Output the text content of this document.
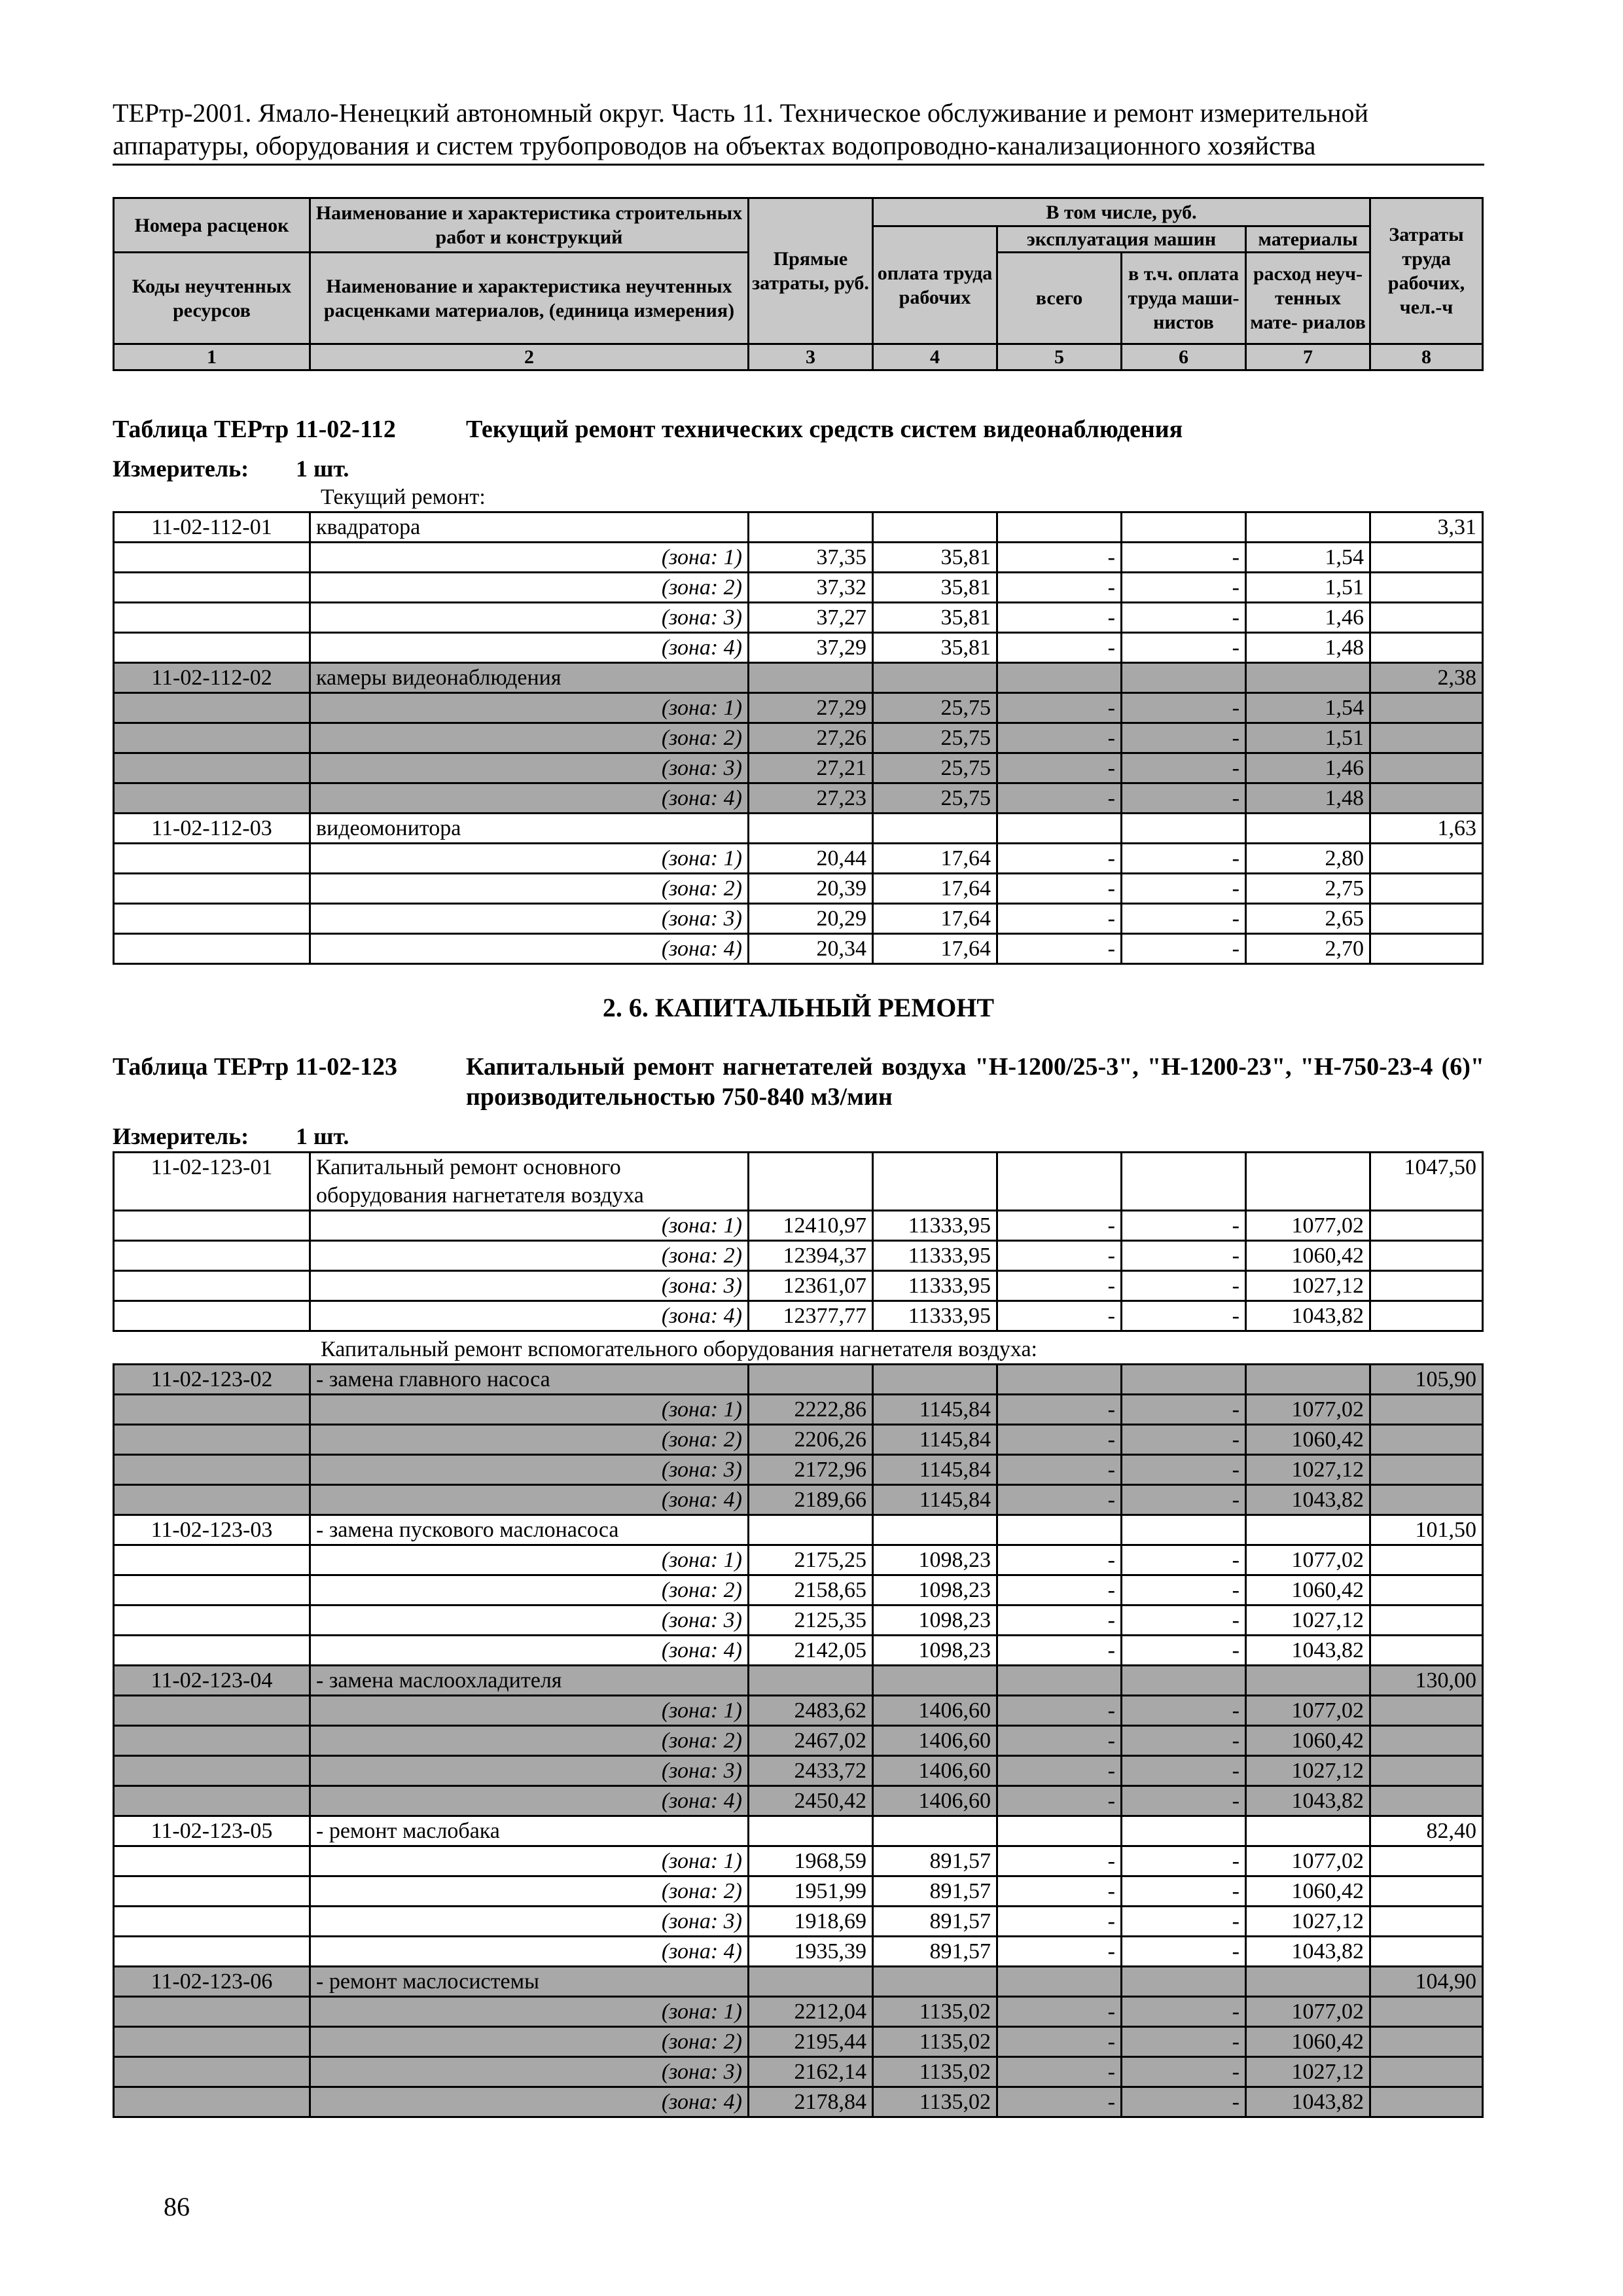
ТЕРтр-2001. Ямало-Ненецкий автономный округ. Часть 11. Техническое обслуживание и ремонт измерительной
аппаратуры, оборудования и систем трубопроводов на объектах водопроводно-канализационного хозяйства
Номера расценок	Наименование и характеристика строительных работ и конструкций	Прямые затраты, руб.	В том числе, руб.				Затраты труда рабочих, чел.-ч
			оплата труда рабочих	эксплуатация машин		материалы	
Коды неучтенных ресурсов	Наименование и характеристика неучтенных расценками материалов, (единица измерения)			всего	в т.ч. оплата труда маши- нистов	расход неуч- тенных мате- риалов	

1	2	3	4	5	6	7	8
Таблица ТЕРтр 11-02-112	Текущий ремонт технических средств систем видеонаблюдения
Измеритель:	1 шт.
Текущий ремонт:
11-02-112-01	квадратора						3,31
	(зона: 1)	37,35	35,81	-	-	1,54	
	(зона: 2)	37,32	35,81	-	-	1,51	
	(зона: 3)	37,27	35,81	-	-	1,46	
	(зона: 4)	37,29	35,81	-	-	1,48	
11-02-112-02	камеры видеонаблюдения						2,38
	(зона: 1)	27,29	25,75	-	-	1,54	
	(зона: 2)	27,26	25,75	-	-	1,51	
	(зона: 3)	27,21	25,75	-	-	1,46	
	(зона: 4)	27,23	25,75	-	-	1,48	
11-02-112-03	видеомонитора						1,63
	(зона: 1)	20,44	17,64	-	-	2,80	
	(зона: 2)	20,39	17,64	-	-	2,75	
	(зона: 3)	20,29	17,64	-	-	2,65	
	(зона: 4)	20,34	17,64	-	-	2,70	
2. 6. КАПИТАЛЬНЫЙ РЕМОНТ
Таблица ТЕРтр 11-02-123	Капитальный ремонт нагнетателей воздуха "Н-1200/25-3", "Н-1200-23", "Н-750-23-4 (6)" производительностью 750-840 м3/мин
Измеритель:	1 шт.
11-02-123-01	Капитальный ремонт основного
оборудования нагнетателя воздуха						1047,50
	(зона: 1)	12410,97	11333,95	-	-	1077,02	
	(зона: 2)	12394,37	11333,95	-	-	1060,42	
	(зона: 3)	12361,07	11333,95	-	-	1027,12	
	(зона: 4)	12377,77	11333,95	-	-	1043,82	
Капитальный ремонт вспомогательного оборудования нагнетателя воздуха:
11-02-123-02	- замена главного насоса						105,90
	(зона: 1)	2222,86	1145,84	-	-	1077,02	
	(зона: 2)	2206,26	1145,84	-	-	1060,42	
	(зона: 3)	2172,96	1145,84	-	-	1027,12	
	(зона: 4)	2189,66	1145,84	-	-	1043,82	
11-02-123-03	- замена пускового маслонасоса						101,50
	(зона: 1)	2175,25	1098,23	-	-	1077,02	
	(зона: 2)	2158,65	1098,23	-	-	1060,42	
	(зона: 3)	2125,35	1098,23	-	-	1027,12	
	(зона: 4)	2142,05	1098,23	-	-	1043,82	
11-02-123-04	- замена маслоохладителя						130,00
	(зона: 1)	2483,62	1406,60	-	-	1077,02	
	(зона: 2)	2467,02	1406,60	-	-	1060,42	
	(зона: 3)	2433,72	1406,60	-	-	1027,12	
	(зона: 4)	2450,42	1406,60	-	-	1043,82	
11-02-123-05	- ремонт маслобака						82,40
	(зона: 1)	1968,59	891,57	-	-	1077,02	
	(зона: 2)	1951,99	891,57	-	-	1060,42	
	(зона: 3)	1918,69	891,57	-	-	1027,12	
	(зона: 4)	1935,39	891,57	-	-	1043,82	
11-02-123-06	- ремонт маслосистемы						104,90
	(зона: 1)	2212,04	1135,02	-	-	1077,02	
	(зона: 2)	2195,44	1135,02	-	-	1060,42	
	(зона: 3)	2162,14	1135,02	-	-	1027,12	
	(зона: 4)	2178,84	1135,02	-	-	1043,82	
86
